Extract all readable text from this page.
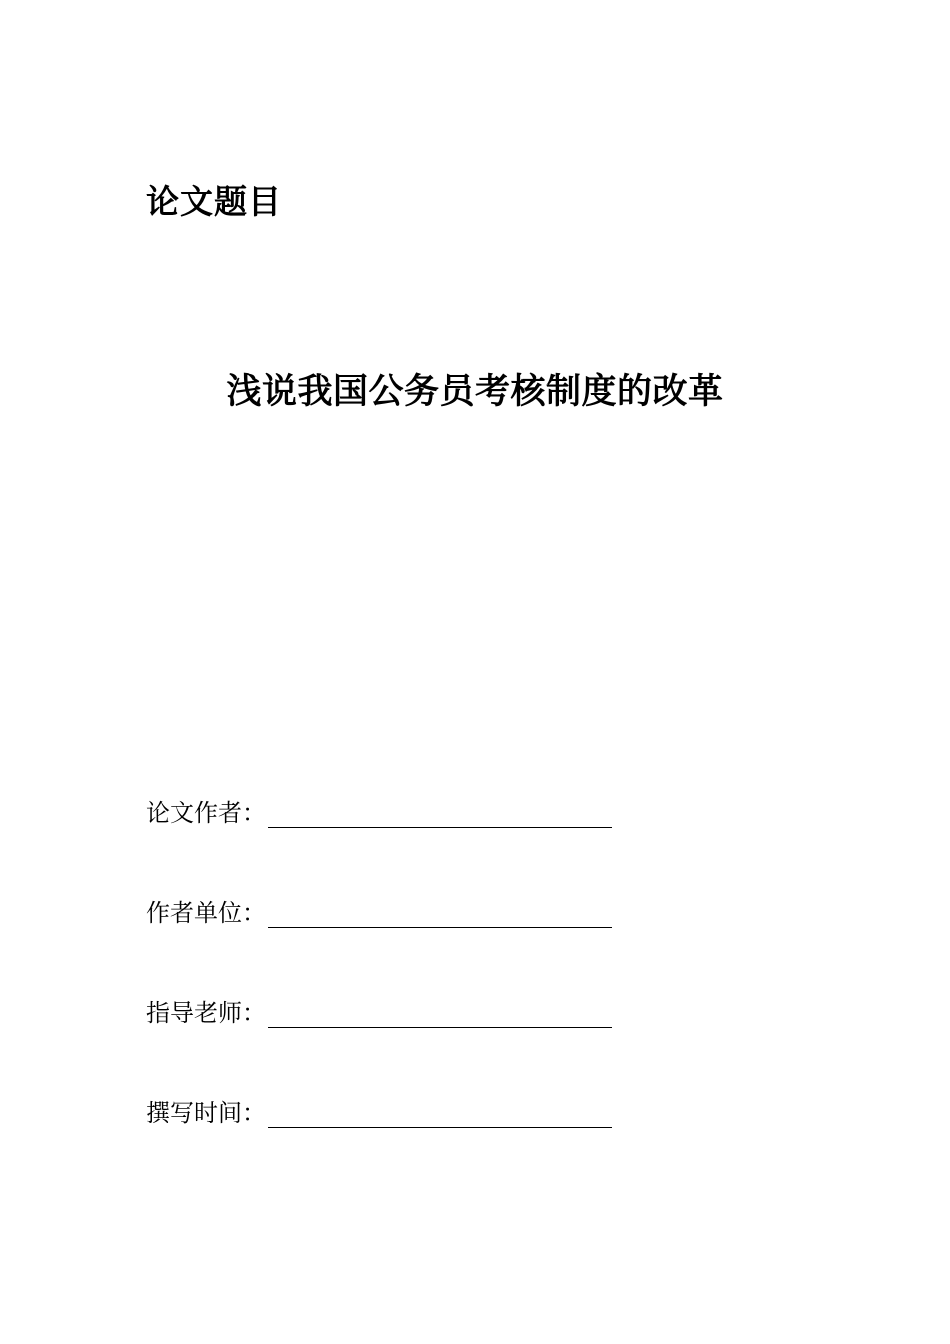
论文题目
浅说我国公务员考核制度的改革
论文作者：
作者单位：
指导老师：
撰写时间：
